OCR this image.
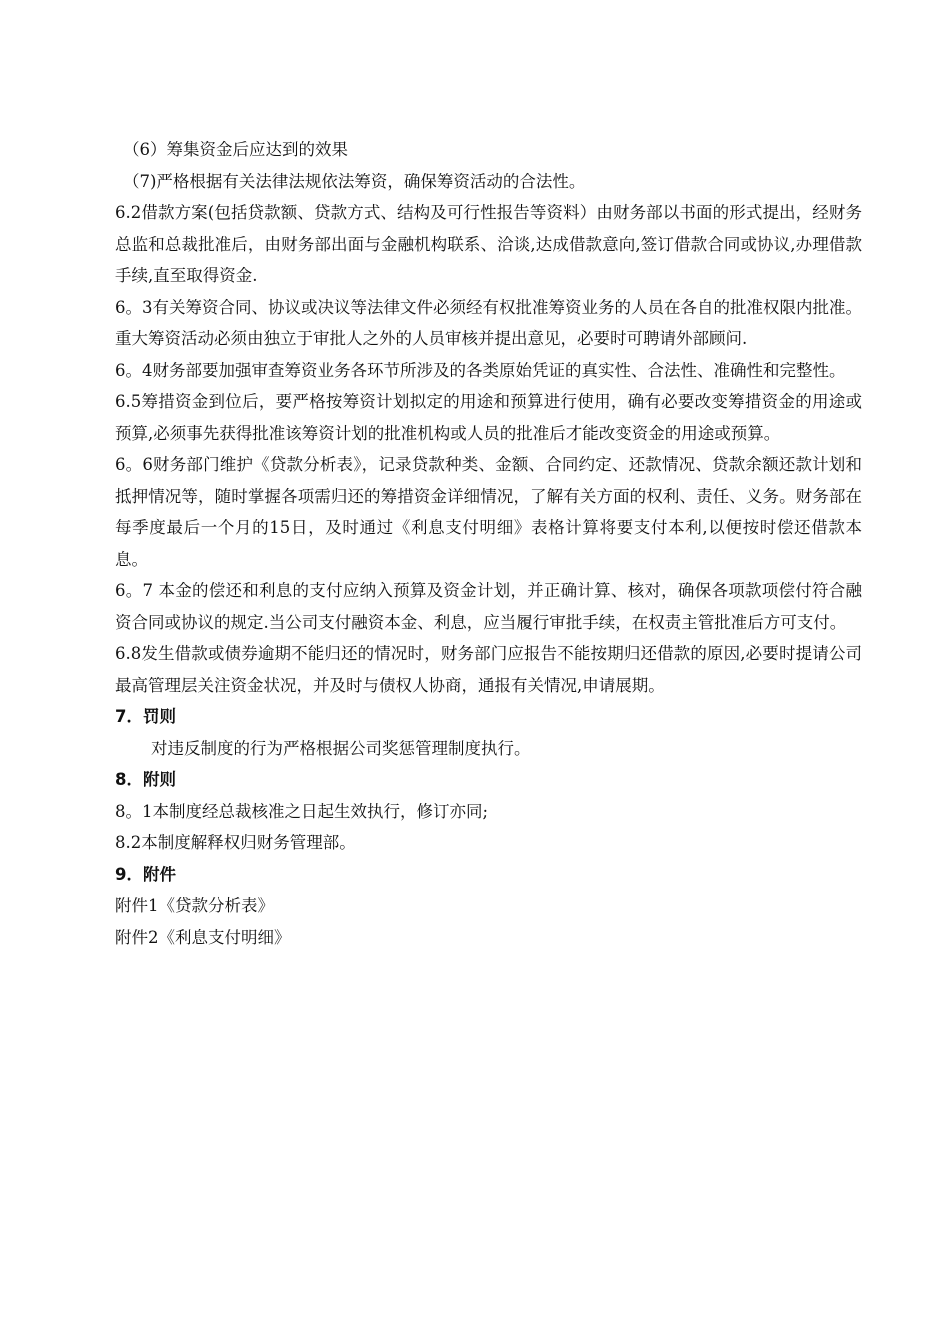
（6）筹集资金后应达到的效果

（7)严格根据有关法律法规依法筹资，确保筹资活动的合法性。

6.2借款方案(包括贷款额、贷款方式、结构及可行性报告等资料）由财务部以书面的形式提出，经财务总监和总裁批准后，由财务部出面与金融机构联系、洽谈,达成借款意向,签订借款合同或协议,办理借款手续,直至取得资金.

6。3有关筹资合同、协议或决议等法律文件必须经有权批准筹资业务的人员在各自的批准权限内批准。重大筹资活动必须由独立于审批人之外的人员审核并提出意见，必要时可聘请外部顾问.

6。4财务部要加强审查筹资业务各环节所涉及的各类原始凭证的真实性、合法性、准确性和完整性。

6.5筹措资金到位后，要严格按筹资计划拟定的用途和预算进行使用，确有必要改变筹措资金的用途或预算,必须事先获得批准该筹资计划的批准机构或人员的批准后才能改变资金的用途或预算。

6。6财务部门维护《贷款分析表》，记录贷款种类、金额、合同约定、还款情况、贷款余额还款计划和抵押情况等，随时掌握各项需归还的筹措资金详细情况，了解有关方面的权利、责任、义务。财务部在每季度最后一个月的15日，及时通过《利息支付明细》表格计算将要支付本利,以便按时偿还借款本息。

6。7 本金的偿还和利息的支付应纳入预算及资金计划，并正确计算、核对，确保各项款项偿付符合融资合同或协议的规定.当公司支付融资本金、利息，应当履行审批手续，在权责主管批准后方可支付。

6.8发生借款或债券逾期不能归还的情况时，财务部门应报告不能按期归还借款的原因,必要时提请公司最高管理层关注资金状况，并及时与债权人协商，通报有关情况,申请展期。

7．罚则

对违反制度的行为严格根据公司奖惩管理制度执行。

8．附则

8。1本制度经总裁核准之日起生效执行，修订亦同;

8.2本制度解释权归财务管理部。

9．附件

附件1《贷款分析表》

附件2《利息支付明细》
